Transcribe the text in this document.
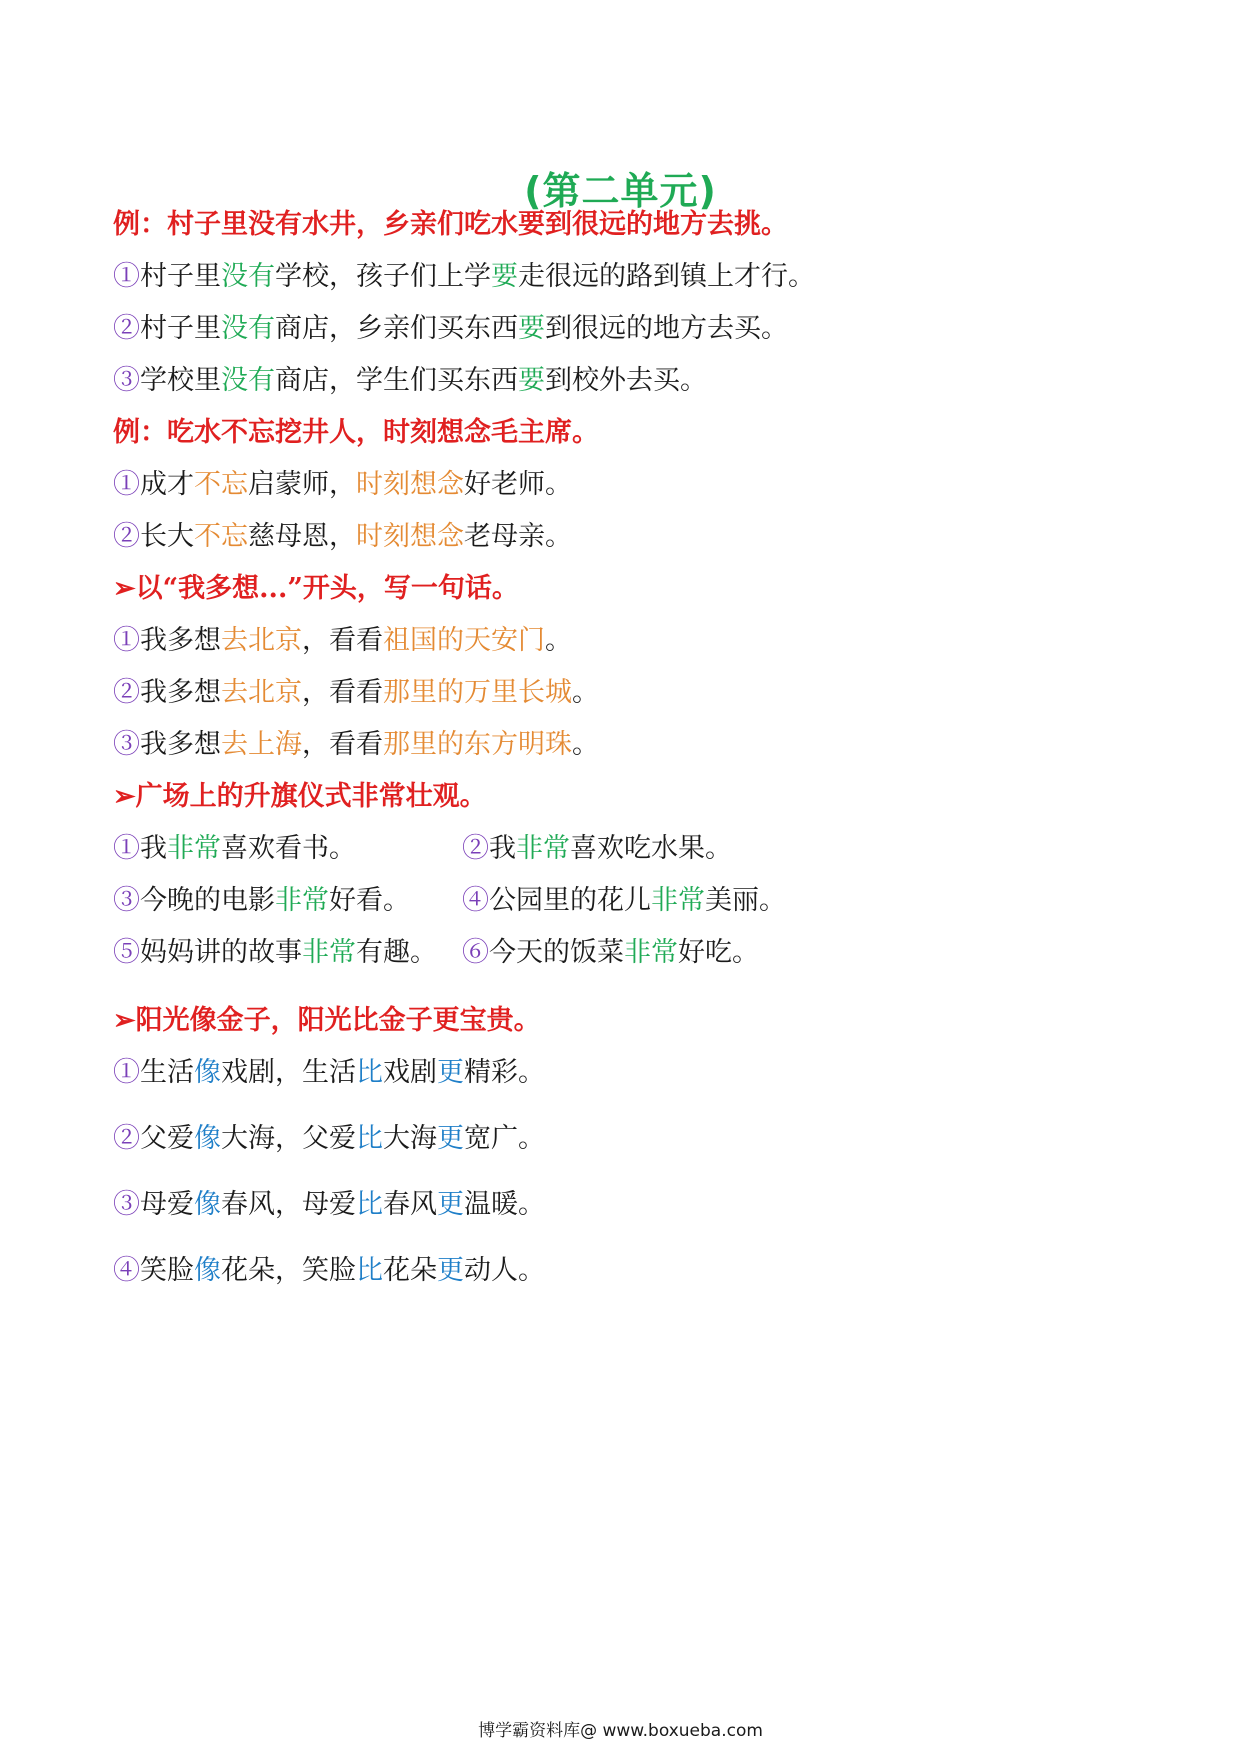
(第二单元)
例：村子里没有水井，乡亲们吃水要到很远的地方去挑。
①村子里没有学校，孩子们上学要走很远的路到镇上才行。
②村子里没有商店，乡亲们买东西要到很远的地方去买。
③学校里没有商店，学生们买东西要到校外去买。
例：吃水不忘挖井人，时刻想念毛主席。
①成才不忘启蒙师，时刻想念好老师。
②长大不忘慈母恩，时刻想念老母亲。
➢以“我多想...”开头，写一句话。
①我多想去北京，看看祖国的天安门。
②我多想去北京，看看那里的万里长城。
③我多想去上海，看看那里的东方明珠。
➢广场上的升旗仪式非常壮观。
①我非常喜欢看书。	②我非常喜欢吃水果。
③今晚的电影非常好看。 ④公园里的花儿非常美丽。
⑤妈妈讲的故事非常有趣。 ⑥今天的饭菜非常好吃。
➢阳光像金子，阳光比金子更宝贵。
①生活像戏剧，生活比戏剧更精彩。
②父爱像大海，父爱比大海更宽广。
③母爱像春风，母爱比春风更温暖。
④笑脸像花朵，笑脸比花朵更动人。
博学霸资料库@ www.boxueba.com
